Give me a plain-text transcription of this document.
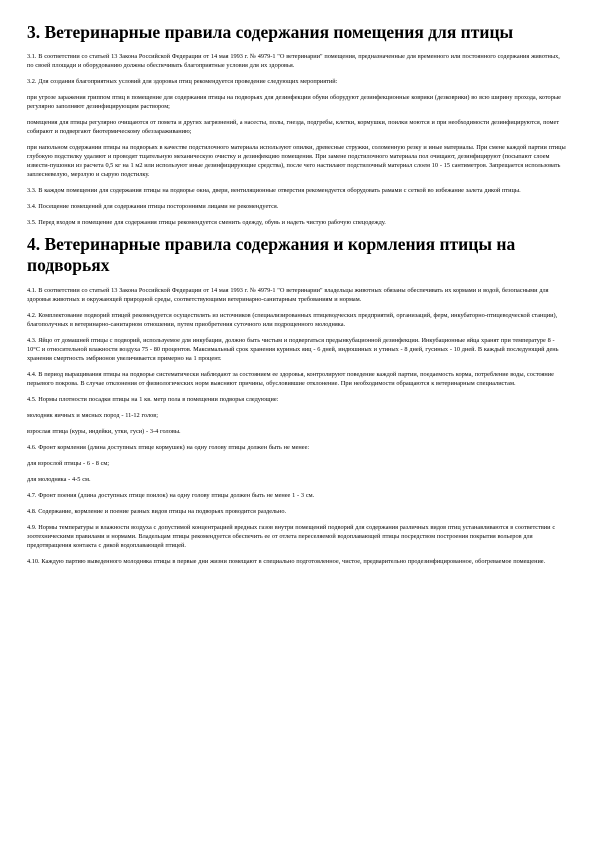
3. Ветеринарные правила содержания помещения для птицы

3.1. В соответствии со статьей 13 Закона Российской Федерации от 14 мая 1993 г. № 4979-1 "О ветеринарии" помещения, предназначенные для временного или постоянного содержания животных, по своей площади и оборудованию должны обеспечивать благоприятные условия для их здоровья.

3.2. Для создания благоприятных условий для здоровья птиц рекомендуется проведение следующих мероприятий:

при угрозе заражения гриппом птиц в помещение для содержания птицы на подворьях для дезинфекции обуви оборудуют дезинфекционные коврики (дезковрики) во всю ширину прохода, которые регулярно заполняют дезинфицирующим раствором;

помещения для птицы регулярно очищаются от помета и других загрязнений, а насесты, полы, гнезда, подгребы, клетки, кормушки, поилки моются и при необходимости дезинфицируются, помет собирают и подвергают биотермическому обеззараживанию;

при напольном содержании птицы на подворьях в качестве подстилочного материала используют опилки, древесные стружки, соломенную резку и иные материалы. При смене каждой партии птицы глубокую подстилку удаляют и проводят тщательную механическую очистку и дезинфекцию помещения. При замене подстилочного материала пол очищают, дезинфицируют (посыпают слоем извести-пушонки из расчета 0,5 кг на 1 м2 или используют иные дезинфицирующие средства), после чего настилают подстилочный материал слоем 10 - 15 сантиметров. Запрещается использовать заплесневелую, мерзлую и сырую подстилку.

3.3. В каждом помещении для содержания птицы на подворье окна, двери, вентиляционные отверстия рекомендуется оборудовать рамами с сеткой во избежание залета дикой птицы.

3.4. Посещение помещений для содержания птицы посторонними лицами не рекомендуется.

3.5. Перед входом в помещение для содержания птицы рекомендуется сменить одежду, обувь и надеть чистую рабочую спецодежду.

4. Ветеринарные правила содержания и кормления птицы на подворьях

4.1. В соответствии со статьей 13 Закона Российской Федерации от 14 мая 1993 г. № 4979-1 "О ветеринарии" владельцы животных обязаны обеспечивать их кормами и водой, безопасными для здоровья животных и окружающей природной среды, соответствующими ветеринарно-санитарным требованиям и нормам.

4.2. Комплектование подворий птицей рекомендуется осуществлять из источников (специализированных птицеводческих предприятий, организаций, ферм, инкубаторно-птицеводческой станции), благополучных в ветеринарно-санитарном отношении, путем приобретения суточного или подрощенного молодняка.

4.3. Яйцо от домашней птицы с подворий, используемое для инкубации, должно быть чистым и подвергаться предынкубационной дезинфекции. Инкубационные яйца хранят при температуре 8 - 10°С и относительной влажности воздуха 75 - 80 процентов. Максимальный срок хранения куриных яиц - 6 дней, индюшиных и утиных - 8 дней, гусиных - 10 дней. В каждый последующий день хранения смертность эмбрионов увеличивается примерно на 1 процент.

4.4. В период выращивания птицы на подворье систематически наблюдают за состоянием ее здоровья, контролируют поведение каждой партии, поедаемость корма, потребление воды, состояние перьевого покрова. В случае отклонения от физиологических норм выясняют причины, обусловившие отклонение. При необходимости обращаются к ветеринарным специалистам.

4.5. Нормы плотности посадки птицы на 1 кв. метр пола в помещении подворья следующие:

молодняк яичных и мясных пород - 11-12 голов;

взрослая птица (куры, индейки, утки, гуси) - 3-4 головы.

4.6. Фронт кормления (длина доступных птице кормушек) на одну голову птицы должен быть не менее:

для взрослой птицы - 6 - 8 см;

для молодняка - 4-5 см.

4.7. Фронт поения (длина доступных птице поилок) на одну голову птицы должен быть не менее 1 - 3 см.

4.8. Содержание, кормление и поение разных видов птицы на подворьях проводится раздельно.

4.9. Нормы температуры и влажности воздуха с допустимой концентрацией вредных газов внутри помещений подворий для содержания различных видов птиц устанавливаются в соответствии с зоотехническими правилами и нормами. Владельцам птицы рекомендуется обеспечить ее от отлета переселяемой водоплавающей птицы посредством построения покрытия вольеров для предотвращения контакта с дикой водоплавающей птицей.

4.10. Каждую партию выведенного молодняка птицы в первые дни жизни помещают в специально подготовленное, чистое, предварительно продезинфицированное, обогреваемое помещение.
